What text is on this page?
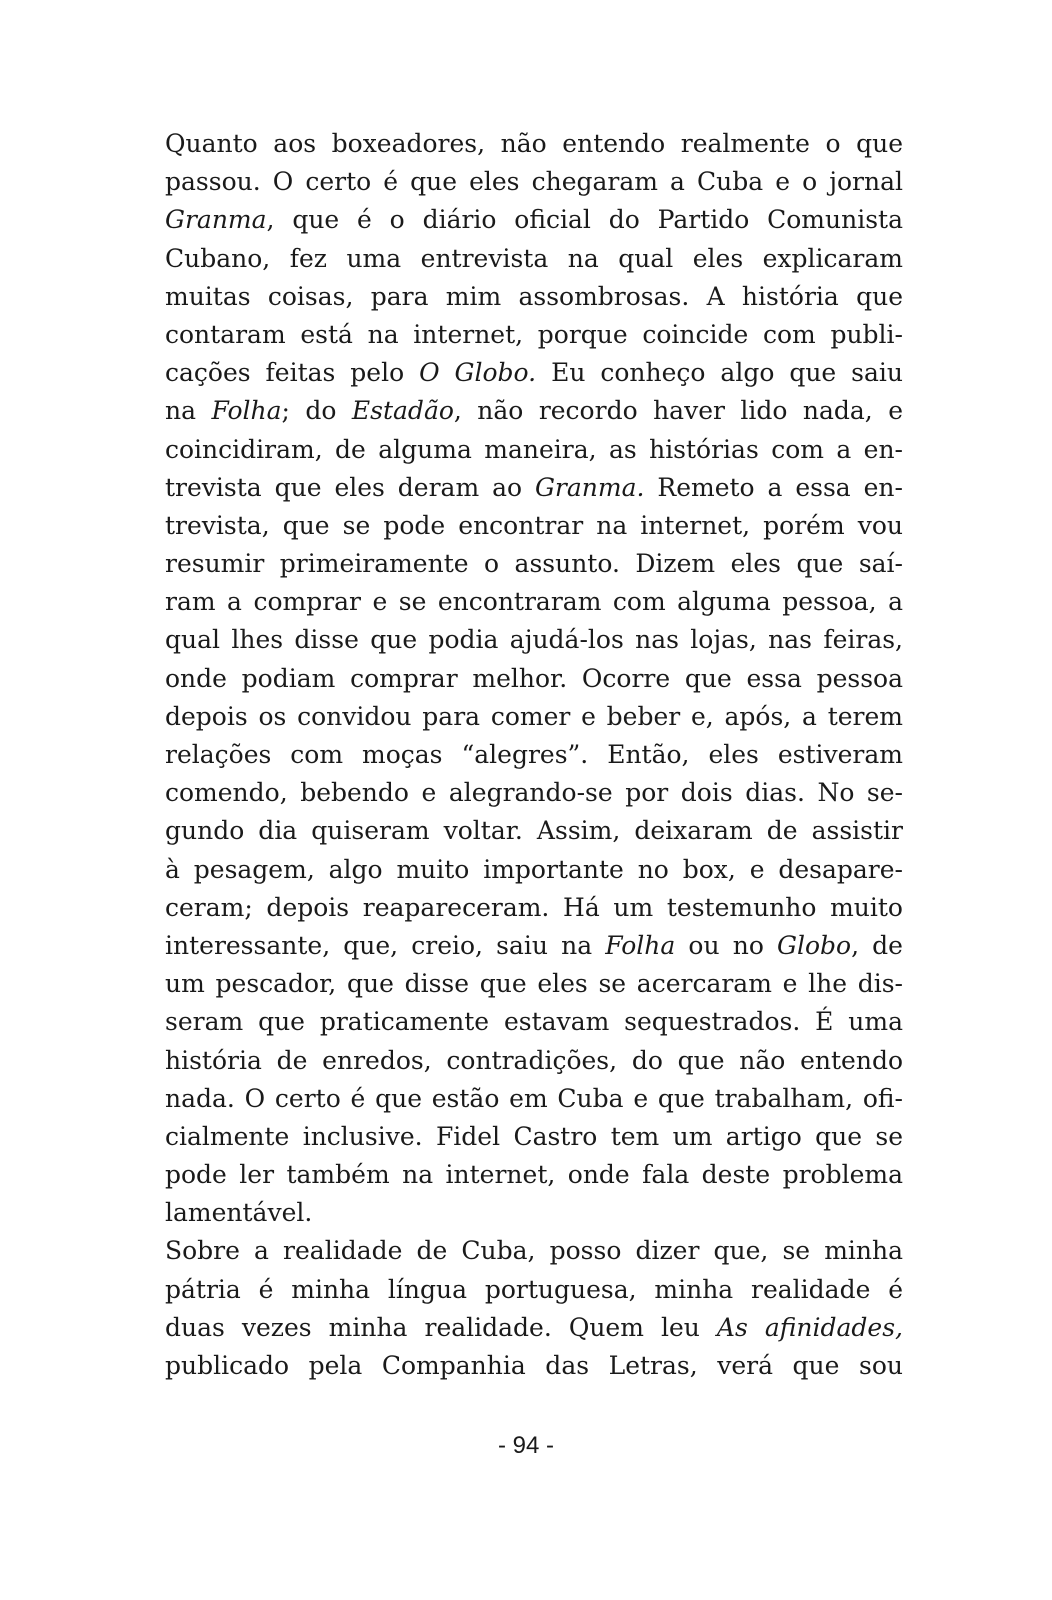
Quanto aos boxeadores, não entendo realmente o que
passou. O certo é que eles chegaram a Cuba e o jornal
Granma, que é o diário oficial do Partido Comunista
Cubano, fez uma entrevista na qual eles explicaram
muitas coisas, para mim assombrosas. A história que
contaram está na internet, porque coincide com publi-
cações feitas pelo O Globo. Eu conheço algo que saiu
na Folha; do Estadão, não recordo haver lido nada, e
coincidiram, de alguma maneira, as histórias com a en-
trevista que eles deram ao Granma. Remeto a essa en-
trevista, que se pode encontrar na internet, porém vou
resumir primeiramente o assunto. Dizem eles que saí-
ram a comprar e se encontraram com alguma pessoa, a
qual lhes disse que podia ajudá-los nas lojas, nas feiras,
onde podiam comprar melhor. Ocorre que essa pessoa
depois os convidou para comer e beber e, após, a terem
relações com moças “alegres”. Então, eles estiveram
comendo, bebendo e alegrando-se por dois dias. No se-
gundo dia quiseram voltar. Assim, deixaram de assistir
à pesagem, algo muito importante no box, e desapare-
ceram; depois reapareceram. Há um testemunho muito
interessante, que, creio, saiu na Folha ou no Globo, de
um pescador, que disse que eles se acercaram e lhe dis-
seram que praticamente estavam sequestrados. É uma
história de enredos, contradições, do que não entendo
nada. O certo é que estão em Cuba e que trabalham, ofi-
cialmente inclusive. Fidel Castro tem um artigo que se
pode ler também na internet, onde fala deste problema
lamentável.
Sobre a realidade de Cuba, posso dizer que, se minha
pátria é minha língua portuguesa, minha realidade é
duas vezes minha realidade. Quem leu As afinidades,
publicado pela Companhia das Letras, verá que sou
- 94 -
